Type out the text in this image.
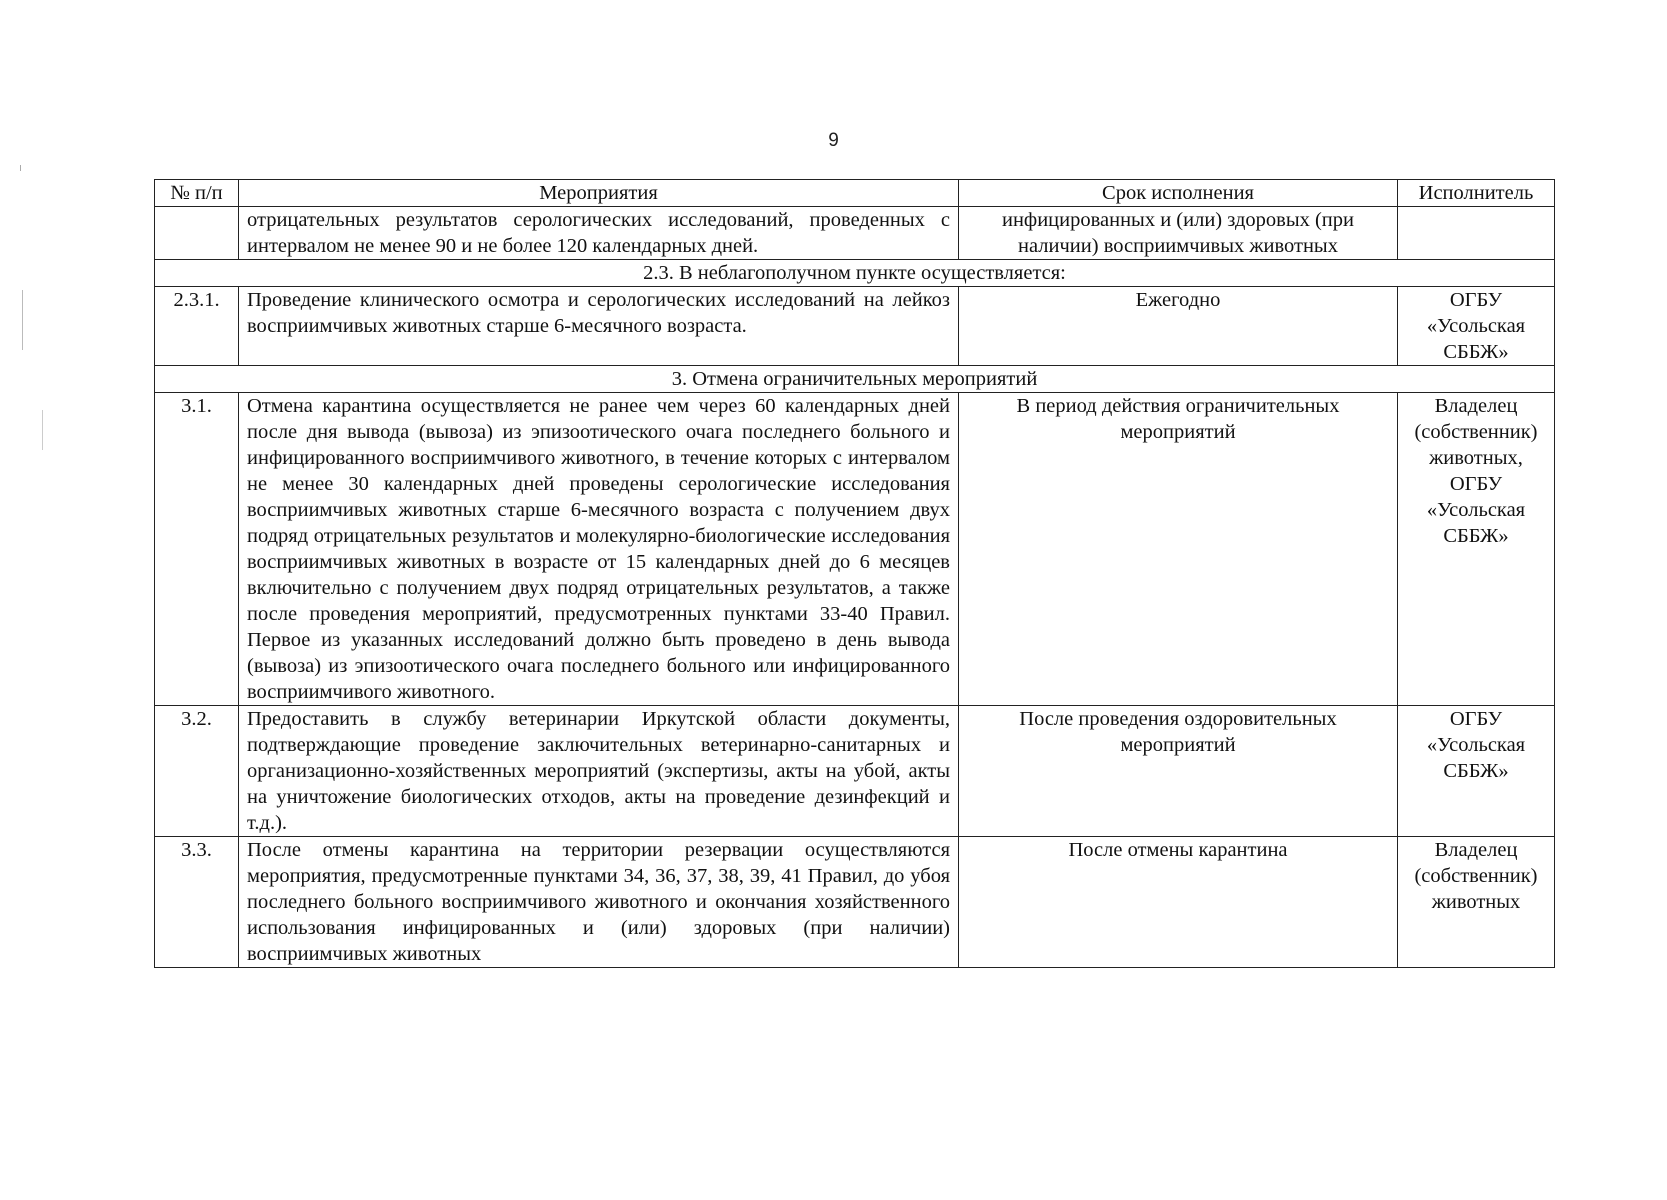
9
№ п/п	Мероприятия	Срок исполнения	Исполнитель
	отрицательных результатов серологических исследований, проведенных с интервалом не менее 90 и не более 120 календарных дней.	инфицированных и (или) здоровых (при наличии) восприимчивых животных	
2.3. В неблагополучном пункте осуществляется:			
2.3.1.	Проведение клинического осмотра и серологических исследований на лейкоз восприимчивых животных старше 6-месячного возраста.	Ежегодно	ОГБУ «Усольская СББЖ»
3. Отмена ограничительных мероприятий			
3.1.	Отмена карантина осуществляется не ранее чем через 60 календарных дней после дня вывода (вывоза) из эпизоотического очага последнего больного и инфицированного восприимчивого животного, в течение которых с интервалом не менее 30 календарных дней проведены серологические исследования восприимчивых животных старше 6-месячного возраста с получением двух подряд отрицательных результатов и молекулярно-биологические исследования восприимчивых животных в возрасте от 15 календарных дней до 6 месяцев включительно с получением двух подряд отрицательных результатов, а также после проведения мероприятий, предусмотренных пунктами 33-40 Правил. Первое из указанных исследований должно быть проведено в день вывода (вывоза) из эпизоотического очага последнего больного или инфицированного восприимчивого животного.	В период действия ограничительных мероприятий	Владелец (собственник) животных, ОГБУ «Усольская СББЖ»
3.2.	Предоставить в службу ветеринарии Иркутской области документы, подтверждающие проведение заключительных ветеринарно-санитарных и организационно-хозяйственных мероприятий (экспертизы, акты на убой, акты на уничтожение биологических отходов, акты на проведение дезинфекций и т.д.).	После проведения оздоровительных мероприятий	ОГБУ «Усольская СББЖ»
3.3.	После отмены карантина на территории резервации осуществляются мероприятия, предусмотренные пунктами 34, 36, 37, 38, 39, 41 Правил, до убоя последнего больного восприимчивого животного и окончания хозяйственного использования инфицированных и (или) здоровых (при наличии) восприимчивых животных	После отмены карантина	Владелец (собственник) животных
